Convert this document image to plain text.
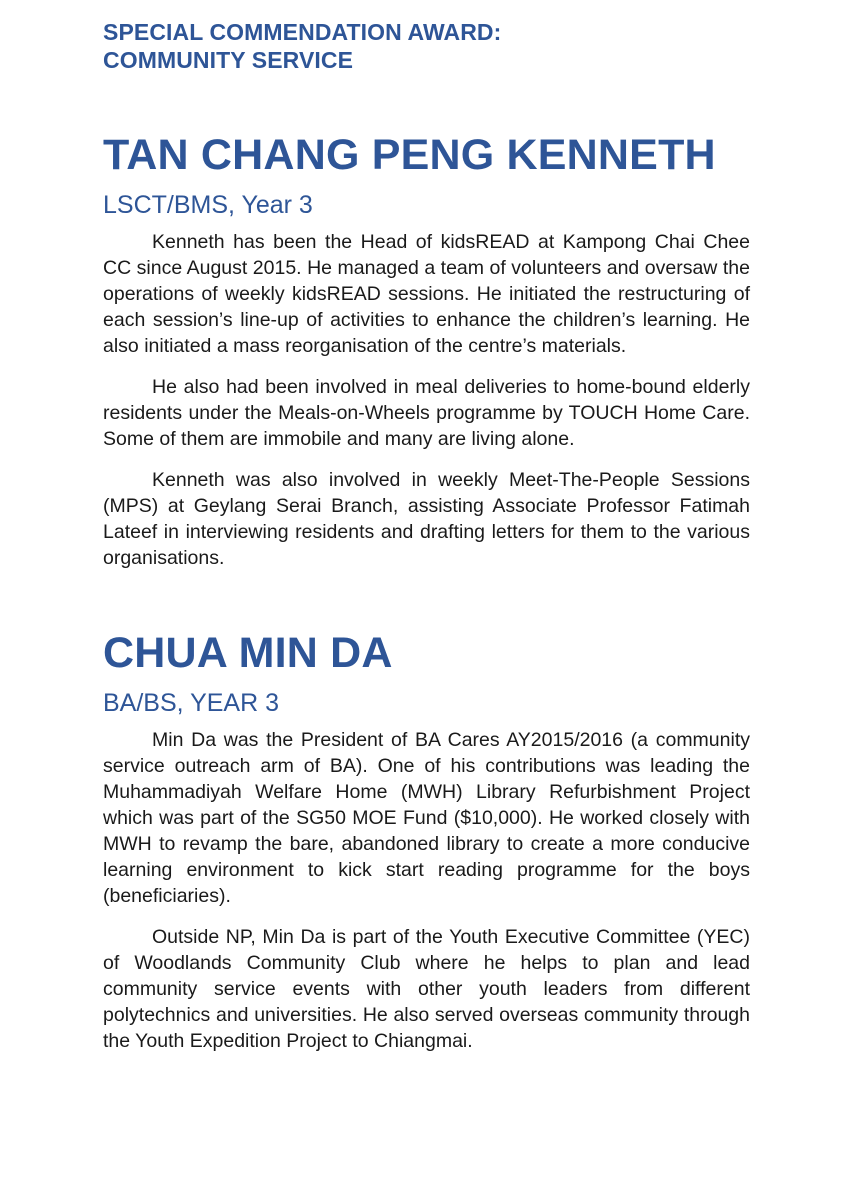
SPECIAL COMMENDATION AWARD:
COMMUNITY SERVICE
TAN CHANG PENG KENNETH

LSCT/BMS, Year 3

Kenneth has been the Head of kidsREAD at Kampong Chai Chee CC since August 2015. He managed a team of volunteers and oversaw the operations of weekly kidsREAD sessions. He initiated the restructuring of each session’s line-up of activities to enhance the children’s learning. He also initiated a mass reorganisation of the centre’s materials.

He also had been involved in meal deliveries to home-bound elderly residents under the Meals-on-Wheels programme by TOUCH Home Care. Some of them are immobile and many are living alone.

Kenneth was also involved in weekly Meet-The-People Sessions (MPS) at Geylang Serai Branch, assisting Associate Professor Fatimah Lateef in interviewing residents and drafting letters for them to the various organisations.

CHUA MIN DA

BA/BS, YEAR 3

Min Da was the President of BA Cares AY2015/2016 (a community service outreach arm of BA). One of his contributions was leading the Muhammadiyah Welfare Home (MWH) Library Refurbishment Project which was part of the SG50 MOE Fund ($10,000). He worked closely with MWH to revamp the bare, abandoned library to create a more conducive learning environment to kick start reading programme for the boys (beneficiaries).

Outside NP, Min Da is part of the Youth Executive Committee (YEC) of Woodlands Community Club where he helps to plan and lead community service events with other youth leaders from different polytechnics and universities. He also served overseas community through the Youth Expedition Project to Chiangmai.
